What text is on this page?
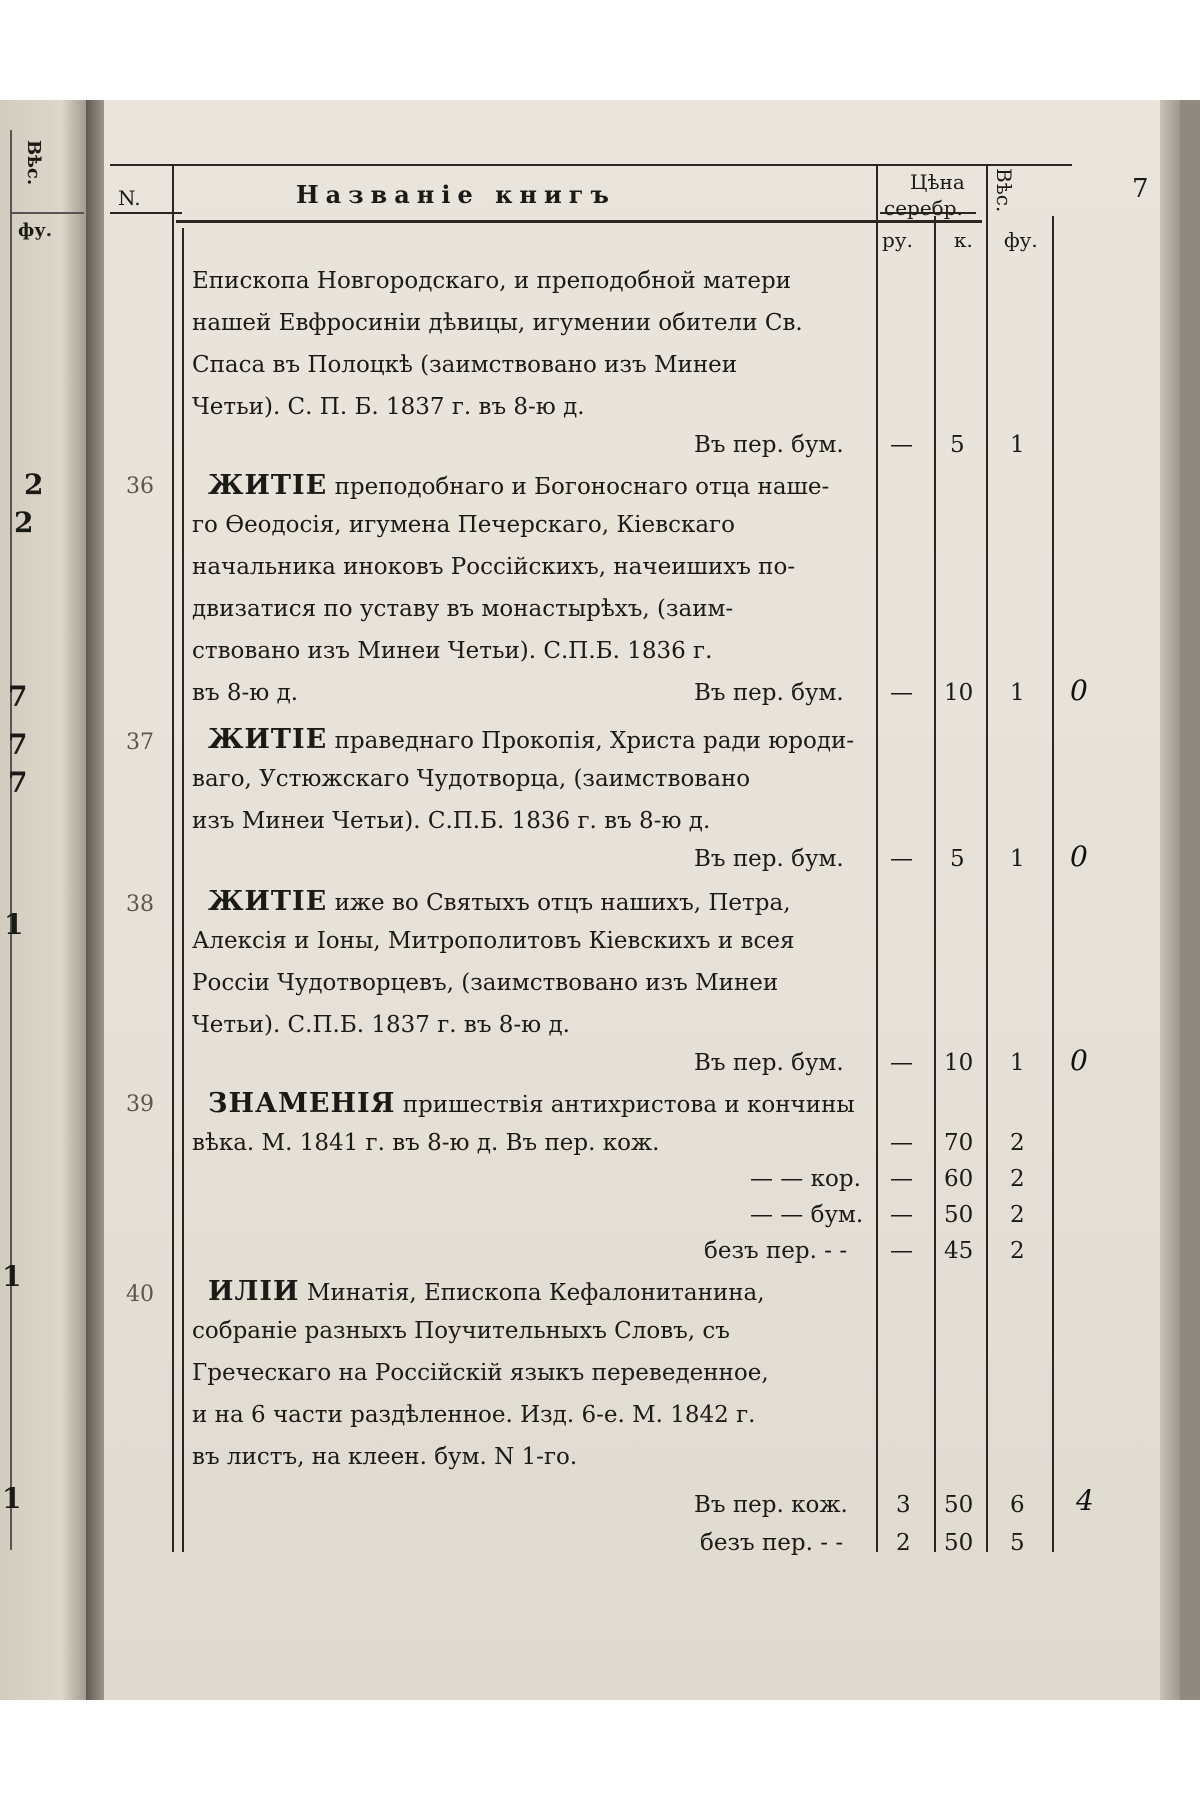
Вѣс.
фу.
2
2
7
7
7
1
1
1
N.	Названіе книгъ	Цѣна
серебр. Вѣс.	7
ру. к. фу.
Епископа Новгородскаго, и преподобной матери
нашей Евфросиніи дѣвицы, игумении обители Св.
Спаса въ Полоцкѣ (заимствовано изъ Минеи
Четьи). С. П. Б. 1837 г. въ 8-ю д.
Въ пер. бум. — 5 1
36	ЖИТІЕ преподобнаго и Богоноснаго отца наше-
го Өеодосія, игумена Печерскаго, Кіевскаго
начальника иноковъ Россійскихъ, начеишихъ по-
двизатися по уставу въ монастырѣхъ, (заим-
ствовано изъ Минеи Четьи). С.П.Б. 1836 г.
въ 8-ю д.	Въ пер. бум. — 10 1 0
37	ЖИТІЕ праведнаго Прокопія, Христа ради юроди-
ваго, Устюжскаго Чудотворца, (заимствовано
изъ Минеи Четьи). С.П.Б. 1836 г. въ 8-ю д.
Въ пер. бум. — 5 1 0
38	ЖИТІЕ иже во Святыхъ отцъ нашихъ, Петра,
Алексія и Іоны, Митрополитовъ Кіевскихъ и всея
Россіи Чудотворцевъ, (заимствовано изъ Минеи
Четьи). С.П.Б. 1837 г. въ 8-ю д.
Въ пер. бум. — 10 1 0
39	ЗНАМЕНІЯ пришествія антихристова и кончины
вѣка. М. 1841 г. въ 8-ю д. Въ пер. кож.	— 70 2
— — кор. — 60 2
— — бум. — 50 2
безъ пер. - - — 45 2
40	ИЛІИ Минатія, Епископа Кефалонитанина,
собраніе разныхъ Поучительныхъ Словъ, съ
Греческаго на Россійскій языкъ переведенное,
и на 6 части раздѣленное. Изд. 6-е. М. 1842 г.
въ листъ, на клеен. бум. N 1-го.
Въ пер. кож. 3 50 6 4
безъ пер. - - 2 50 5
